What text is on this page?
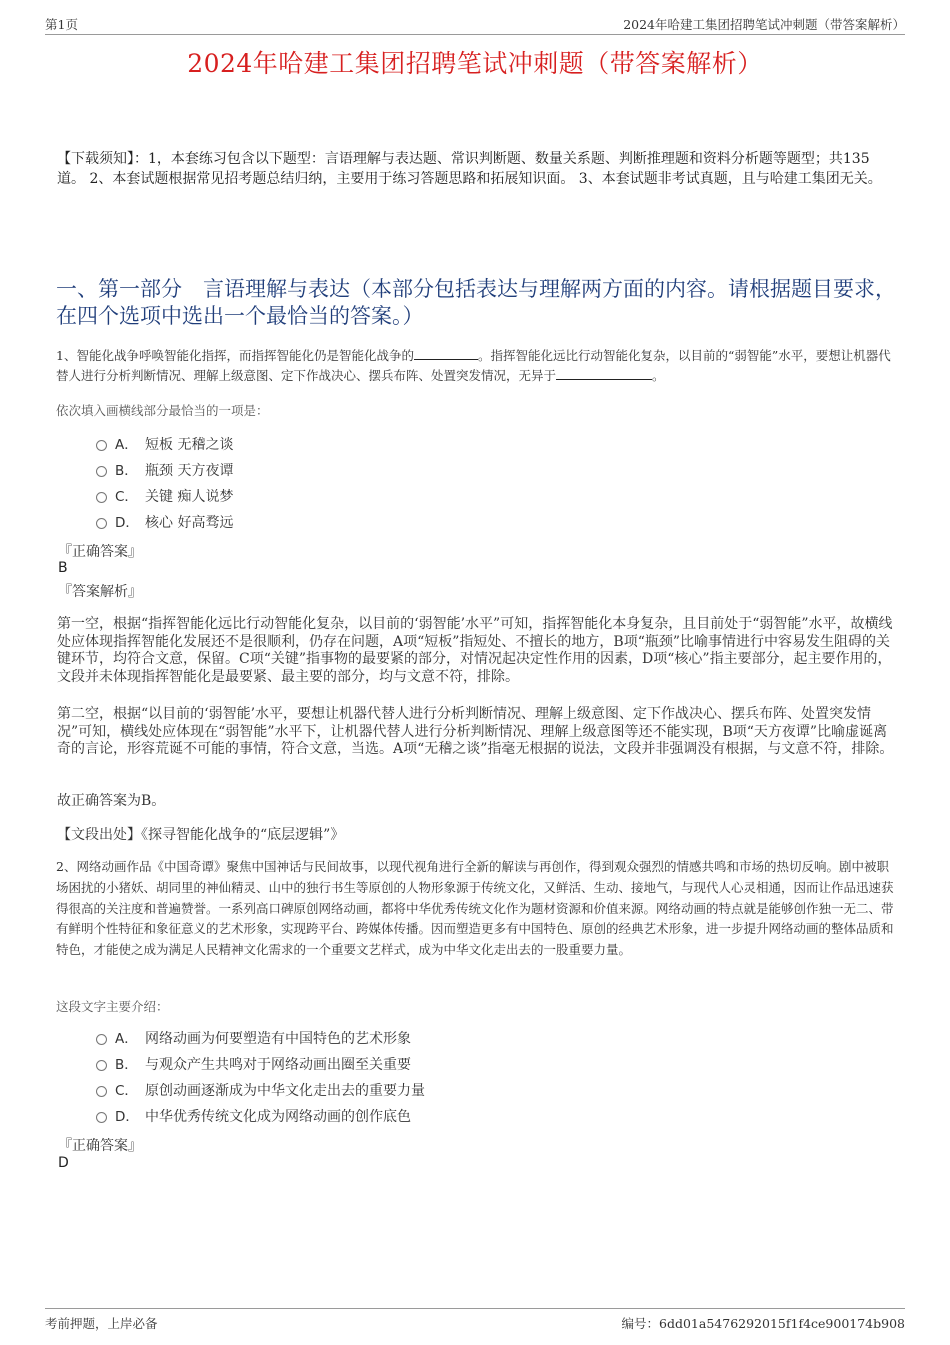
第1页	2024年哈建工集团招聘笔试冲刺题（带答案解析）
2024年哈建工集团招聘笔试冲刺题（带答案解析）
【下载须知】：1，本套练习包含以下题型：言语理解与表达题、常识判断题、数量关系题、判断推理题和资料分析题等题型；共135道。 2、本套试题根据常见招考题总结归纳，主要用于练习答题思路和拓展知识面。 3、本套试题非考试真题，且与哈建工集团无关。
一、第一部分　言语理解与表达（本部分包括表达与理解两方面的内容。请根据题目要求，在四个选项中选出一个最恰当的答案。）
1、智能化战争呼唤智能化指挥，而指挥智能化仍是智能化战争的	。指挥智能化远比行动智能化复杂，以目前的“弱智能”水平，要想让机器代替人进行分析判断情况、理解上级意图、定下作战决心、摆兵布阵、处置突发情况，无异于	。
依次填入画横线部分最恰当的一项是：
A． 短板 无稽之谈
B． 瓶颈 天方夜谭
C． 关键 痴人说梦
D． 核心 好高骛远
『正确答案』
B
『答案解析』
第一空，根据“指挥智能化远比行动智能化复杂，以目前的‘弱智能’水平”可知，指挥智能化本身复杂，且目前处于“弱智能”水平，故横线处应体现指挥智能化发展还不是很顺利，仍存在问题，A项“短板”指短处、不擅长的地方，B项“瓶颈”比喻事情进行中容易发生阻碍的关键环节，均符合文意，保留。C项“关键”指事物的最要紧的部分，对情况起决定性作用的因素，D项“核心”指主要部分，起主要作用的，文段并未体现指挥智能化是最要紧、最主要的部分，均与文意不符，排除。
第二空，根据“以目前的‘弱智能’水平，要想让机器代替人进行分析判断情况、理解上级意图、定下作战决心、摆兵布阵、处置突发情况”可知，横线处应体现在“弱智能”水平下，让机器代替人进行分析判断情况、理解上级意图等还不能实现，B项“天方夜谭”比喻虚诞离奇的言论，形容荒诞不可能的事情，符合文意，当选。A项“无稽之谈”指毫无根据的说法，文段并非强调没有根据，与文意不符，排除。
故正确答案为B。
【文段出处】《探寻智能化战争的“底层逻辑”》
2、网络动画作品《中国奇谭》聚焦中国神话与民间故事，以现代视角进行全新的解读与再创作，得到观众强烈的情感共鸣和市场的热切反响。剧中被职场困扰的小猪妖、胡同里的神仙精灵、山中的独行书生等原创的人物形象源于传统文化，又鲜活、生动、接地气，与现代人心灵相通，因而让作品迅速获得很高的关注度和普遍赞誉。一系列高口碑原创网络动画，都将中华优秀传统文化作为题材资源和价值来源。网络动画的特点就是能够创作独一无二、带有鲜明个性特征和象征意义的艺术形象，实现跨平台、跨媒体传播。因而塑造更多有中国特色、原创的经典艺术形象，进一步提升网络动画的整体品质和特色，才能使之成为满足人民精神文化需求的一个重要文艺样式，成为中华文化走出去的一股重要力量。
这段文字主要介绍：
A． 网络动画为何要塑造有中国特色的艺术形象
B． 与观众产生共鸣对于网络动画出圈至关重要
C． 原创动画逐渐成为中华文化走出去的重要力量
D． 中华优秀传统文化成为网络动画的创作底色
『正确答案』
D
考前押题，上岸必备	编号：6dd01a5476292015f1f4ce900174b908
